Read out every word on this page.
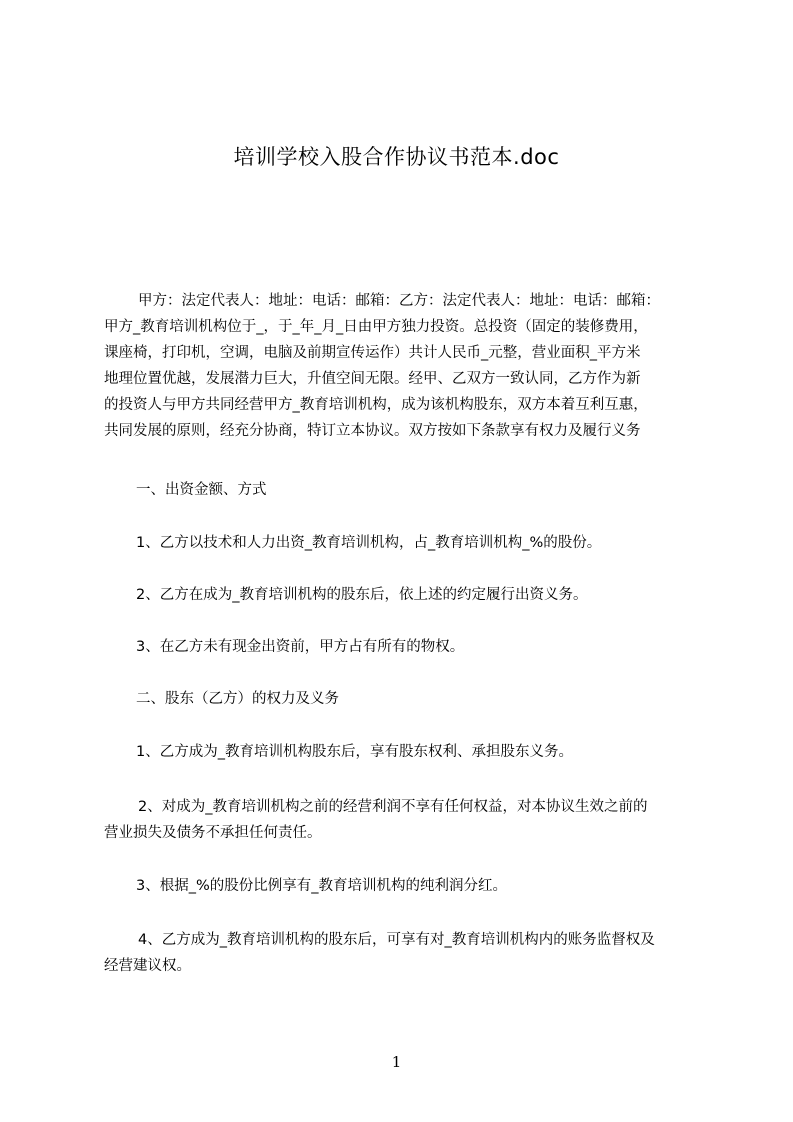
培训学校入股合作协议书范本.doc
甲方：法定代表人：地址：电话：邮箱：乙方：法定代表人：地址：电话：邮箱：
甲方_教育培训机构位于_，于_年_月_日由甲方独力投资。总投资（固定的装修费用，
课座椅，打印机，空调，电脑及前期宣传运作）共计人民币_元整，营业面积_平方米
地理位置优越，发展潜力巨大，升值空间无限。经甲、乙双方一致认同，乙方作为新
的投资人与甲方共同经营甲方_教育培训机构，成为该机构股东，双方本着互利互惠，
共同发展的原则，经充分协商，特订立本协议。双方按如下条款享有权力及履行义务
一、出资金额、方式
1、乙方以技术和人力出资_教育培训机构，占_教育培训机构_%的股份。
2、乙方在成为_教育培训机构的股东后，依上述的约定履行出资义务。
3、在乙方未有现金出资前，甲方占有所有的物权。
二、股东（乙方）的权力及义务
1、乙方成为_教育培训机构股东后，享有股东权利、承担股东义务。
2、对成为_教育培训机构之前的经营利润不享有任何权益，对本协议生效之前的
营业损失及债务不承担任何责任。
3、根据_%的股份比例享有_教育培训机构的纯利润分红。
4、乙方成为_教育培训机构的股东后，可享有对_教育培训机构内的账务监督权及
经营建议权。
1
